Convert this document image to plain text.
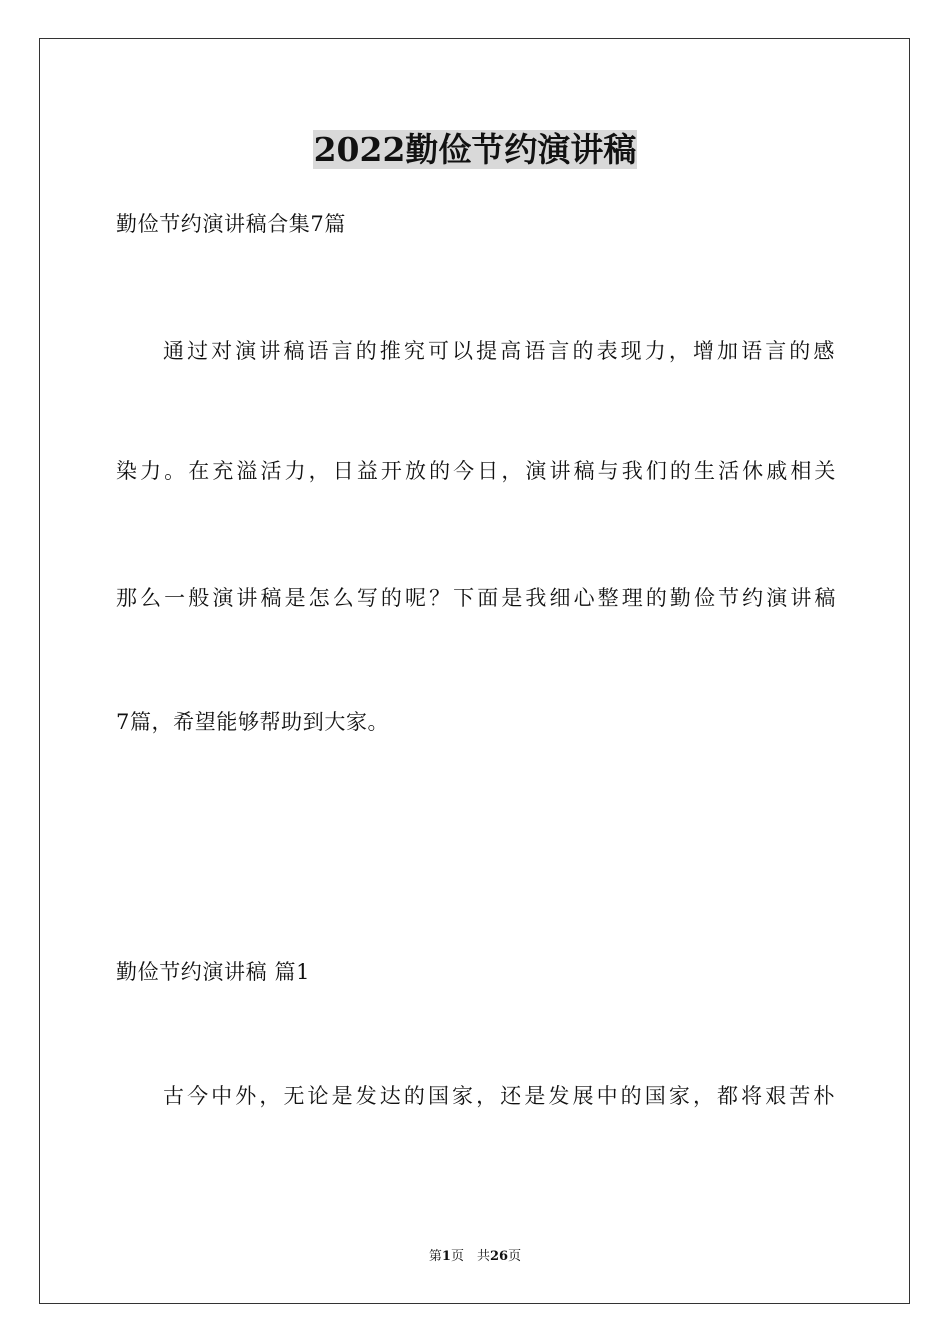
2022勤俭节约演讲稿
勤俭节约演讲稿合集7篇
通过对演讲稿语言的推究可以提高语言的表现力，增加语言的感
染力。在充溢活力，日益开放的今日，演讲稿与我们的生活休戚相关
那么一般演讲稿是怎么写的呢？下面是我细心整理的勤俭节约演讲稿
7篇，希望能够帮助到大家。
勤俭节约演讲稿 篇1
古今中外，无论是发达的国家，还是发展中的国家，都将艰苦朴
第1页　共26页
